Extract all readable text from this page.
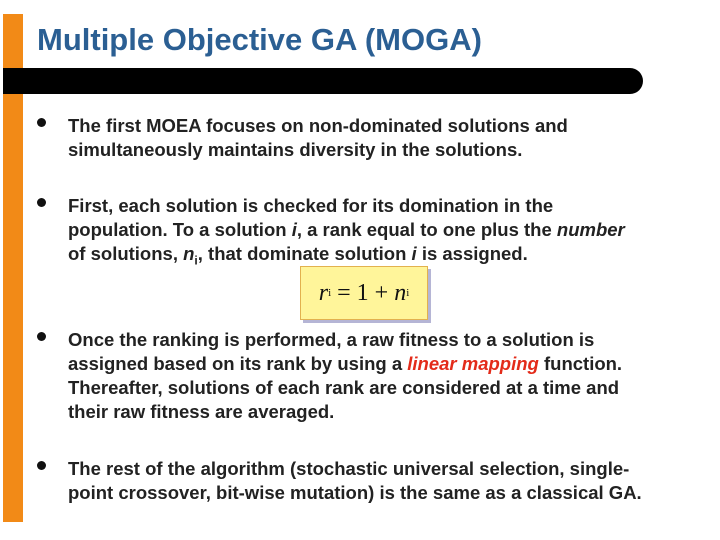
Multiple Objective GA (MOGA)
The first MOEA focuses on non-dominated solutions and
simultaneously maintains diversity in the solutions.
First, each solution is checked for its domination in the
population. To a solution i, a rank equal to one plus the number
of solutions, $n_i$, that dominate solution i is assigned.
r i = 1 + n i
Once the ranking is performed, a raw fitness to a solution is
assigned based on its rank by using a linear mapping function.
Thereafter, solutions of each rank are considered at a time and
their raw fitness are averaged.
The rest of the algorithm (stochastic universal selection, single-
point crossover, bit-wise mutation) is the same as a classical GA.
